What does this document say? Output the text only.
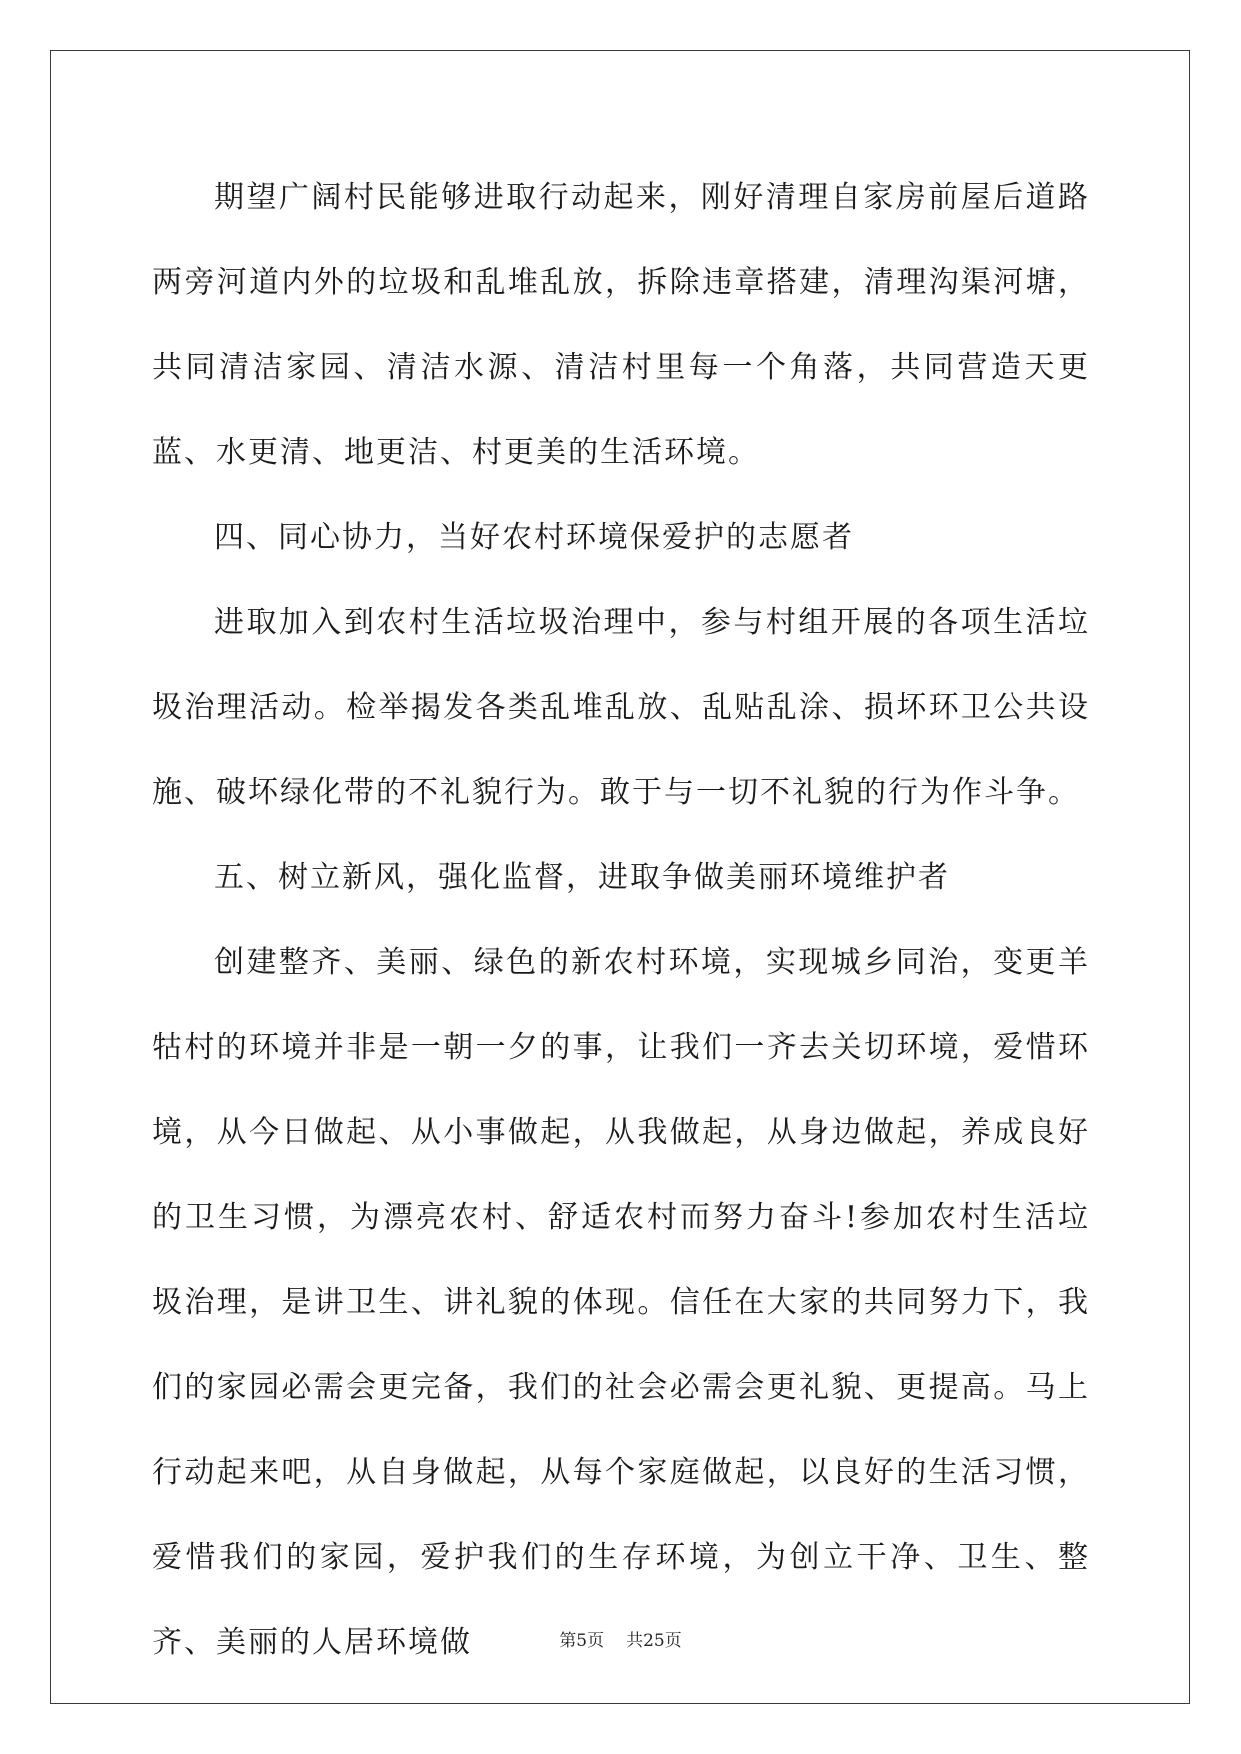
期望广阔村民能够进取行动起来，刚好清理自家房前屋后道路两旁河道内外的垃圾和乱堆乱放，拆除违章搭建，清理沟渠河塘，共同清洁家园、清洁水源、清洁村里每一个角落，共同营造天更蓝、水更清、地更洁、村更美的生活环境。

四、同心协力，当好农村环境保爱护的志愿者

进取加入到农村生活垃圾治理中，参与村组开展的各项生活垃圾治理活动。检举揭发各类乱堆乱放、乱贴乱涂、损坏环卫公共设施、破坏绿化带的不礼貌行为。敢于与一切不礼貌的行为作斗争。

五、树立新风，强化监督，进取争做美丽环境维护者

创建整齐、美丽、绿色的新农村环境，实现城乡同治，变更羊牯村的环境并非是一朝一夕的事，让我们一齐去关切环境，爱惜环境，从今日做起、从小事做起，从我做起，从身边做起，养成良好的卫生习惯，为漂亮农村、舒适农村而努力奋斗!参加农村生活垃圾治理，是讲卫生、讲礼貌的体现。信任在大家的共同努力下，我们的家园必需会更完备，我们的社会必需会更礼貌、更提高。马上行动起来吧，从自身做起，从每个家庭做起，以良好的生活习惯，爱惜我们的家园，爱护我们的生存环境，为创立干净、卫生、整齐、美丽的人居环境做	第5页 共25页
